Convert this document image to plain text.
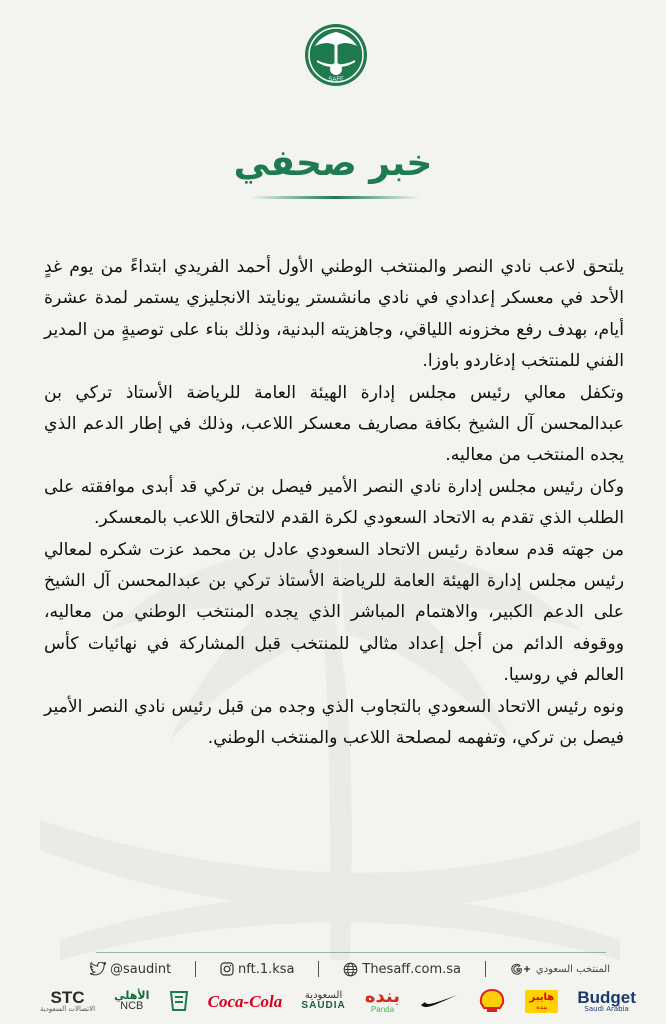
SAFF
خبر صحفي

يلتحق لاعب نادي النصر والمنتخب الوطني الأول أحمد الفريدي ابتداءً من يوم غدٍ الأحد في معسكر إعدادي في نادي مانشستر يونايتد الانجليزي يستمر لمدة عشرة أيام، بهدف رفع مخزونه اللياقي، وجاهزيته البدنية، وذلك بناء على توصيةٍ من المدير الفني للمنتخب إدغاردو باوزا.

وتكفل معالي رئيس مجلس إدارة الهيئة العامة للرياضة الأستاذ تركي بن عبدالمحسن آل الشيخ بكافة مصاريف معسكر اللاعب، وذلك في إطار الدعم الذي يجده المنتخب من معاليه.

وكان رئيس مجلس إدارة نادي النصر الأمير فيصل بن تركي قد أبدى موافقته على الطلب الذي تقدم به الاتحاد السعودي لكرة القدم لالتحاق اللاعب بالمعسكر.

من جهته قدم سعادة رئيس الاتحاد السعودي عادل بن محمد عزت شكره لمعالي رئيس مجلس إدارة الهيئة العامة للرياضة الأستاذ تركي بن عبدالمحسن آل الشيخ على الدعم الكبير، والاهتمام المباشر الذي يجده المنتخب الوطني من معاليه، ووقوفه الدائم من أجل إعداد مثالي للمنتخب قبل المشاركة في نهائيات كأس العالم في روسيا.

ونوه رئيس الاتحاد السعودي بالتجاوب الذي وجده من قبل رئيس نادي النصر الأمير فيصل بن تركي، وتفهمه لمصلحة اللاعب والمنتخب الوطني.

@saudint	nft.1.ksa	Thesaff.com.sa	المنتخب السعودي
STC
الاتصالات السعودية
الأهلي
NCB	Coca-Cola السعودية
SAUDIA بنده
Panda
هايبر
بنده Budget
Saudi Arabia
